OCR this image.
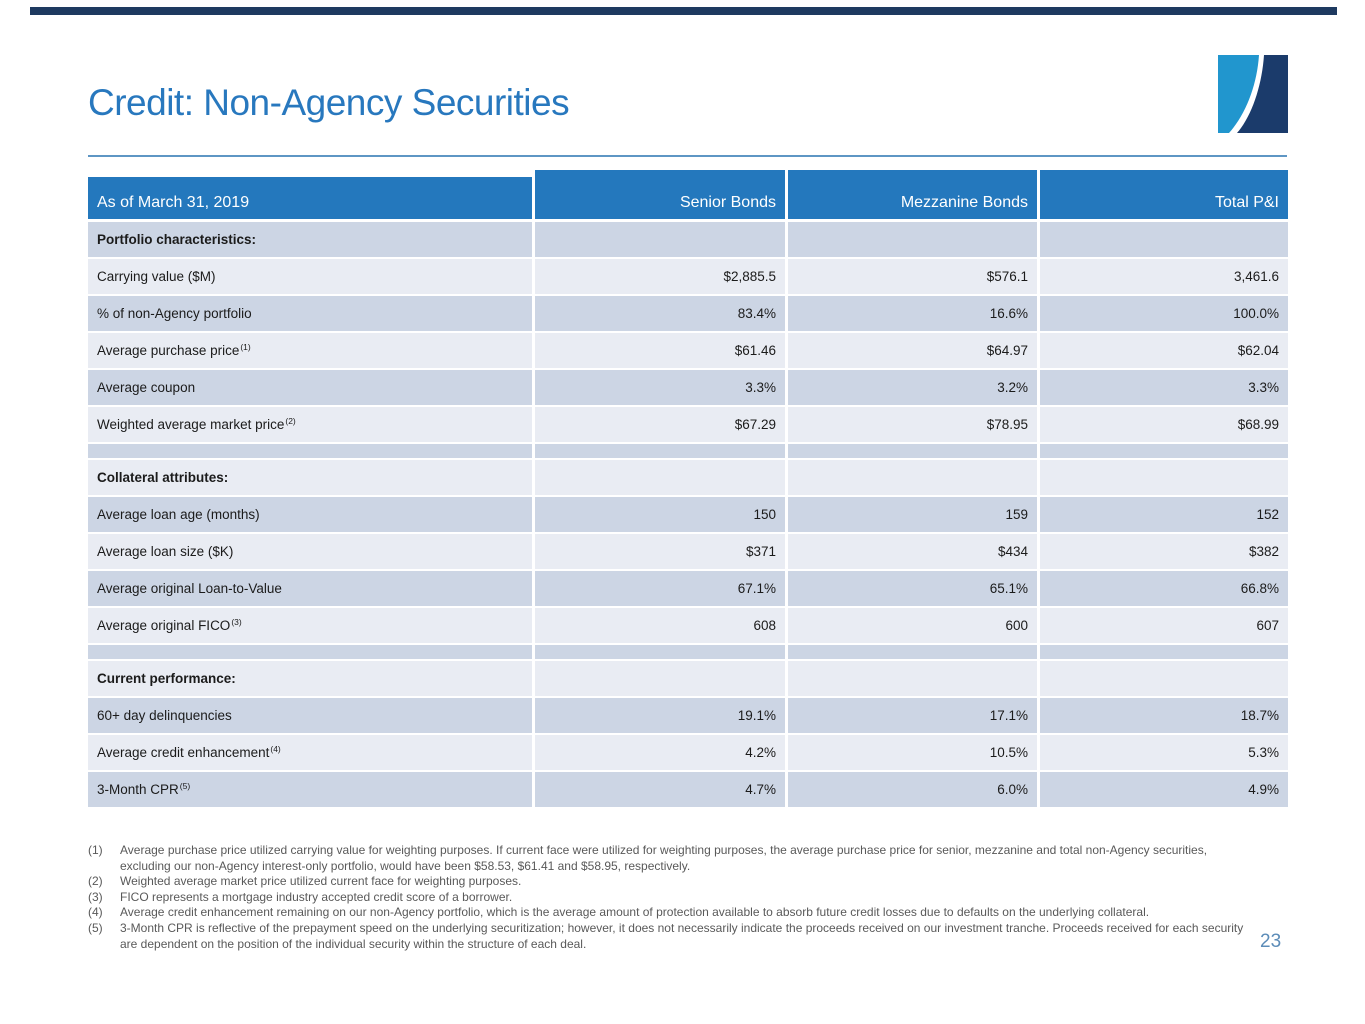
Credit: Non-Agency Securities
As of March 31, 2019	Senior Bonds	Mezzanine Bonds	Total P&I
Portfolio characteristics:
Carrying value ($M)	$2,885.5	$576.1	3,461.6
% of non-Agency portfolio	83.4%	16.6%	100.0%
Average purchase price$^{(1)}$	$61.46	$64.97	$62.04
Average coupon	3.3%	3.2%	3.3%
Weighted average market price$^{(2)}$	$67.29	$78.95	$68.99
Collateral attributes:
Average loan age (months)	150	159	152
Average loan size ($K)	$371	$434	$382
Average original Loan-to-Value	67.1%	65.1%	66.8%
Average original FICO$^{(3)}$	608	600	607
Current performance:
60+ day delinquencies	19.1%	17.1%	18.7%
Average credit enhancement$^{(4)}$	4.2%	10.5%	5.3%
3-Month CPR$^{(5)}$	4.7%	6.0%	4.9%
(1)	Average purchase price utilized carrying value for weighting purposes. If current face were utilized for weighting purposes, the average purchase price for senior, mezzanine and total non-Agency securities, excluding our non-Agency interest-only portfolio, would have been $58.53, $61.41 and $58.95, respectively.
(2)	Weighted average market price utilized current face for weighting purposes.
(3)	FICO represents a mortgage industry accepted credit score of a borrower.
(4)	Average credit enhancement remaining on our non-Agency portfolio, which is the average amount of protection available to absorb future credit losses due to defaults on the underlying collateral.
(5)	3-Month CPR is reflective of the prepayment speed on the underlying securitization; however, it does not necessarily indicate the proceeds received on our investment tranche. Proceeds received for each security are dependent on the position of the individual security within the structure of each deal.	23
